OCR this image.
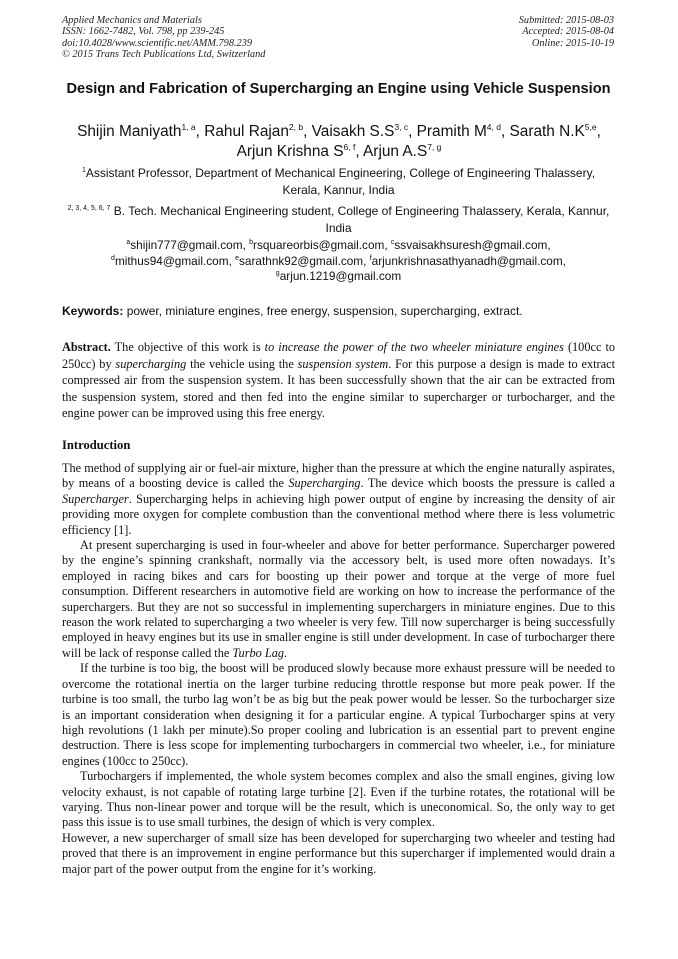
Applied Mechanics and Materials
ISSN: 1662-7482, Vol. 798, pp 239-245
doi:10.4028/www.scientific.net/AMM.798.239
© 2015 Trans Tech Publications Ltd, Switzerland
Submitted: 2015-08-03
Accepted: 2015-08-04
Online: 2015-10-19
Design and Fabrication of Supercharging an Engine using Vehicle Suspension
Shijin Maniyath$^{1, a}$, Rahul Rajan$^{2, b}$, Vaisakh $S.S^{3, c}$, Pramith M$^{4, d}$, Sarath $N.K^{5,e}$,
Arjun Krishna S$^{6, f}$, Arjun $A.S^{7, g}$
$^1$Assistant Professor, Department of Mechanical Engineering, College of Engineering Thalassery, Kerala, Kannur, India
$^{2, 3, 4, 5, 6, 7}$ B. Tech. Mechanical Engineering student, College of Engineering Thalassery, Kerala, Kannur, India
$^a$shijin777@gmail.com, $^b$rsquareorbis@gmail.com, $^c$ssvaisakhsuresh@gmail.com,
$^d$mithus94@gmail.com, $^e$sarathnk92@gmail.com, $^f$arjunkrishnasathyanadh@gmail.com,
$^g$arjun.1219@gmail.com
Keywords: power, miniature engines, free energy, suspension, supercharging, extract.
Abstract. The objective of this work is to increase the power of the two wheeler miniature engines (100cc to 250cc) by supercharging the vehicle using the suspension system. For this purpose a design is made to extract compressed air from the suspension system. It has been successfully shown that the air can be extracted from the suspension system, stored and then fed into the engine similar to supercharger or turbocharger, and the engine power can be improved using this free energy.
Introduction

The method of supplying air or fuel-air mixture, higher than the pressure at which the engine naturally aspirates, by means of a boosting device is called the Supercharging. The device which boosts the pressure is called a Supercharger. Supercharging helps in achieving high power output of engine by increasing the density of air providing more oxygen for complete combustion than the conventional method where there is less volumetric efficiency [1].

At present supercharging is used in four-wheeler and above for better performance. Supercharger powered by the engine’s spinning crankshaft, normally via the accessory belt, is used more often nowadays. It’s employed in racing bikes and cars for boosting up their power and torque at the verge of more fuel consumption. Different researchers in automotive field are working on how to increase the performance of the superchargers. But they are not so successful in implementing superchargers in miniature engines. Due to this reason the work related to supercharging a two wheeler is very few. Till now supercharger is being successfully employed in heavy engines but its use in smaller engine is still under development. In case of turbocharger there will be lack of response called the Turbo Lag.

If the turbine is too big, the boost will be produced slowly because more exhaust pressure will be needed to overcome the rotational inertia on the larger turbine reducing throttle response but more peak power. If the turbine is too small, the turbo lag won’t be as big but the peak power would be lesser. So the turbocharger size is an important consideration when designing it for a particular engine. A typical Turbocharger spins at very high revolutions (1 lakh per minute).So proper cooling and lubrication is an essential part to prevent engine destruction. There is less scope for implementing turbochargers in commercial two wheeler, i.e., for miniature engines (100cc to 250cc).

Turbochargers if implemented, the whole system becomes complex and also the small engines, giving low velocity exhaust, is not capable of rotating large turbine [2]. Even if the turbine rotates, the rotational will be varying. Thus non-linear power and torque will be the result, which is uneconomical. So, the only way to get pass this issue is to use small turbines, the design of which is very complex.

However, a new supercharger of small size has been developed for supercharging two wheeler and testing had proved that there is an improvement in engine performance but this supercharger if implemented would drain a major part of the power output from the engine for it’s working.
